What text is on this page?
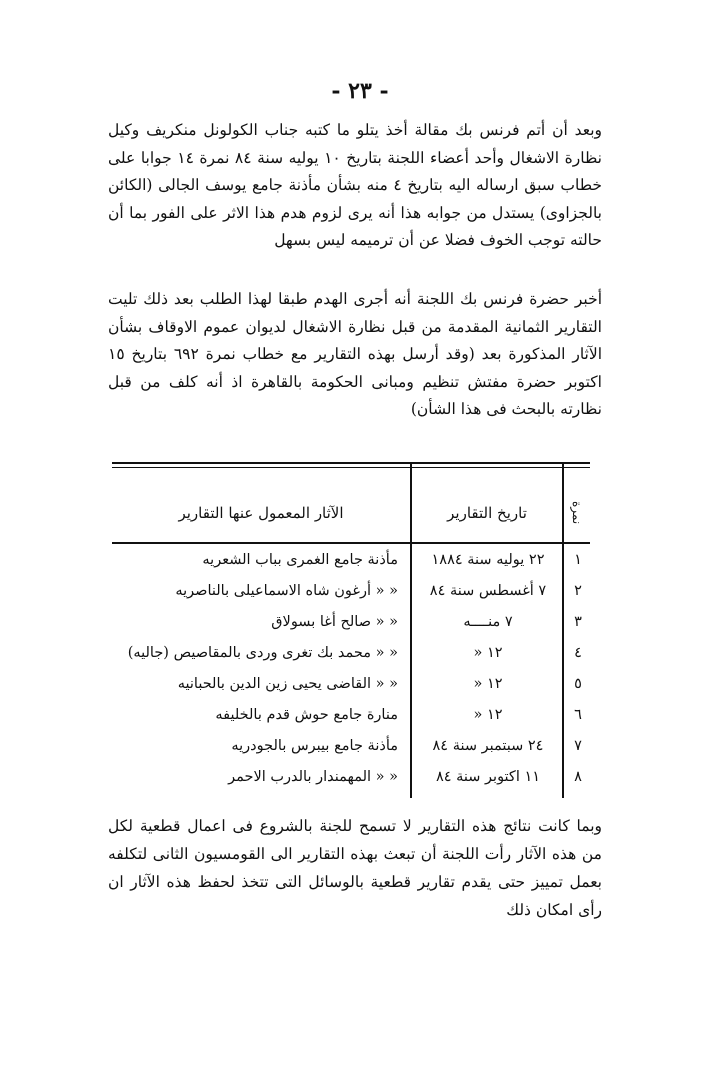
- ٢٣ -
وبعد أن أتم فرنس بك مقالة أخذ يتلو ما كتبه جناب الكولونل منكريف وكيل نظارة الاشغال وأحد أعضاء اللجنة بتاريخ ١٠ يوليه سنة ٨٤ نمرة ١٤ جوابا على خطاب سبق ارساله اليه بتاريخ ٤ منه بشأن مأذنة جامع يوسف الجالى (الكائن بالجزاوى) يستدل من جوابه هذا أنه يرى لزوم هدم هذا الاثر على الفور بما أن حالته توجب الخوف فضلا عن أن ترميمه ليس بسهل
أخبر حضرة فرنس بك اللجنة أنه أجرى الهدم طبقا لهذا الطلب بعد ذلك تليت التقارير الثمانية المقدمة من قبل نظارة الاشغال لديوان عموم الاوقاف بشأن الآثار المذكورة بعد (وقد أرسل بهذه التقارير مع خطاب نمرة ٦٩٢ بتاريخ ١٥ اكتوبر حضرة مفتش تنظيم ومبانى الحكومة بالقاهرة اذ أنه كلف من قبل نظارته بالبحث فى هذا الشأن)
نمرة
تاريخ التقارير
الآثار المعمول عنها التقارير
١
٢٢ يوليه سنة ١٨٨٤
مأذنة جامع الغمرى بباب الشعريه
٢
٧ أغسطس سنة ٨٤
« « أرغون شاه الاسماعيلى بالناصريه
٣
٧ منــــه
« « صالح أغا بسولاق
٤
١٢ «
« « محمد بك تغرى وردى بالمقاصيص (جاليه)
٥
١٢ «
« « القاضى يحيى زين الدين بالحبانيه
٦
١٢ «
منارة جامع حوش قدم بالخليفه
٧
٢٤ سبتمبر سنة ٨٤
مأذنة جامع بيبرس بالجودريه
٨
١١ اكتوبر سنة ٨٤
« « المهمندار بالدرب الاحمر
وبما كانت نتائج هذه التقارير لا تسمح للجنة بالشروع فى اعمال قطعية لكل من هذه الآثار رأت اللجنة أن تبعث بهذه التقارير الى القومسيون الثانى لتكلفه بعمل تمييز حتى يقدم تقارير قطعية بالوسائل التى تتخذ لحفظ هذه الآثار ان رأى امكان ذلك
